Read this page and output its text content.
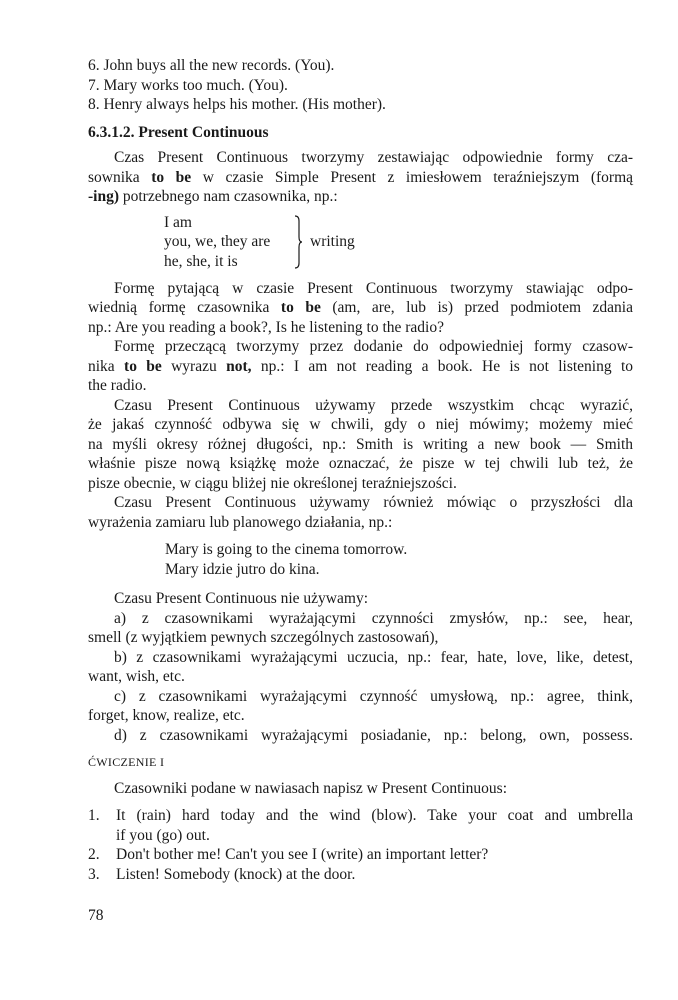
6. John buys all the new records. (You).
7. Mary works too much. (You).
8. Henry always helps his mother. (His mother).
6.3.1.2. Present Continuous
Czas Present Continuous tworzymy zestawiając odpowiednie formy cza-
sownika to be w czasie Simple Present z imiesłowem teraźniejszym (formą
-ing) potrzebnego nam czasownika, np.:
I am
you, we, they are
he, she, it is
writing
Formę pytającą w czasie Present Continuous tworzymy stawiając odpo-
wiednią formę czasownika to be (am, are, lub is) przed podmiotem zdania
np.: Are you reading a book?, Is he listening to the radio?
Formę przeczącą tworzymy przez dodanie do odpowiedniej formy czasow-
nika to be wyrazu not, np.: I am not reading a book. He is not listening to
the radio.
Czasu Present Continuous używamy przede wszystkim chcąc wyrazić,
że jakaś czynność odbywa się w chwili, gdy o niej mówimy; możemy mieć
na myśli okresy różnej długości, np.: Smith is writing a new book — Smith
właśnie pisze nową książkę może oznaczać, że pisze w tej chwili lub też, że
pisze obecnie, w ciągu bliżej nie określonej teraźniejszości.
Czasu Present Continuous używamy również mówiąc o przyszłości dla
wyrażenia zamiaru lub planowego działania, np.:
Mary is going to the cinema tomorrow.
Mary idzie jutro do kina.
Czasu Present Continuous nie używamy:
a) z czasownikami wyrażającymi czynności zmysłów, np.: see, hear,
smell (z wyjątkiem pewnych szczególnych zastosowań),
b) z czasownikami wyrażającymi uczucia, np.: fear, hate, love, like, detest,
want, wish, etc.
c) z czasownikami wyrażającymi czynność umysłową, np.: agree, think,
forget, know, realize, etc.
d) z czasownikami wyrażającymi posiadanie, np.: belong, own, possess.
ĆWICZENIE I
Czasowniki podane w nawiasach napisz w Present Continuous:
1. It (rain) hard today and the wind (blow). Take your coat and umbrella
if you (go) out.
2. Don't bother me! Can't you see I (write) an important letter?
3. Listen! Somebody (knock) at the door.
78
